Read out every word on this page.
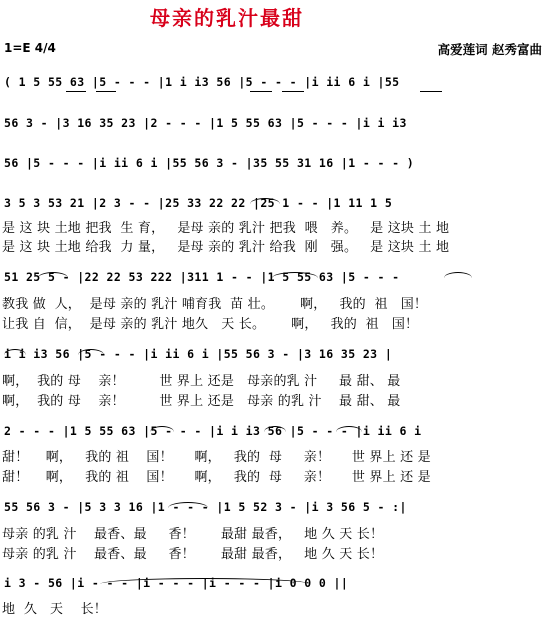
母亲的乳汁最甜
1=E 4/4	高爱莲词 赵秀富曲
( 1 5 55 63 |5 - - - |1 i i3 56 |5 - - - |i ii 6 i |55
56 3 - |3 16 35 23 |2 - - - |1 5 55 63 |5 - - - |i i i3
56 |5 - - - |i ii 6 i |55 56 3 - |35 55 31 16 |1 - - - )
3 5 3 53 21 |2 3 - - |25 33 22 22 |25 1 - - |1 11 1 5
是 这 块 土地 把我  生 育，   是母 亲的 乳汁 把我  喂   养。   是 这块 土 地
是 这 块 土地 给我  力 量，   是母 亲的 乳汁 给我  刚   强。   是 这块 土 地
51 25 5 - |22 22 53 222 |311 1 - - |1 5 55 63 |5 - - -
教我 做  人，  是母 亲的 乳汁 哺育我  苗 壮。      啊，   我的  祖   国！
让我 自  信，  是母 亲的 乳汁 地久   天 长。      啊，   我的  祖   国！
i i i3 56 |5 - - - |i ii 6 i |55 56 3 - |3 16 35 23 |
啊，  我的 母    亲！        世 界上 还是   母亲的乳 汁     最 甜、 最
啊，  我的 母    亲！        世 界上 还是   母亲 的乳 汁    最 甜、 最
2 - - - |1 5 55 63 |5 - - - |i i i3 56 |5 - - - |i ii 6 i
甜！    啊，   我的 祖    国！     啊，   我的  母     亲！     世 界上 还 是
甜！    啊，   我的 祖    国！     啊，   我的  母     亲！     世 界上 还 是
55 56 3 - |5 3 3 16 |1 - - - |1 5 52 3 - |i 3 56 5 - :|
母亲 的乳 汁    最香、最     香！      最甜 最香，   地 久 天 长！
母亲 的乳 汁    最香、最     香！      最甜 最香，   地 久 天 长！
i 3 - 56 |i - - - |i - - - |i - - - |i 0 0 0 ||
地  久   天    长！
